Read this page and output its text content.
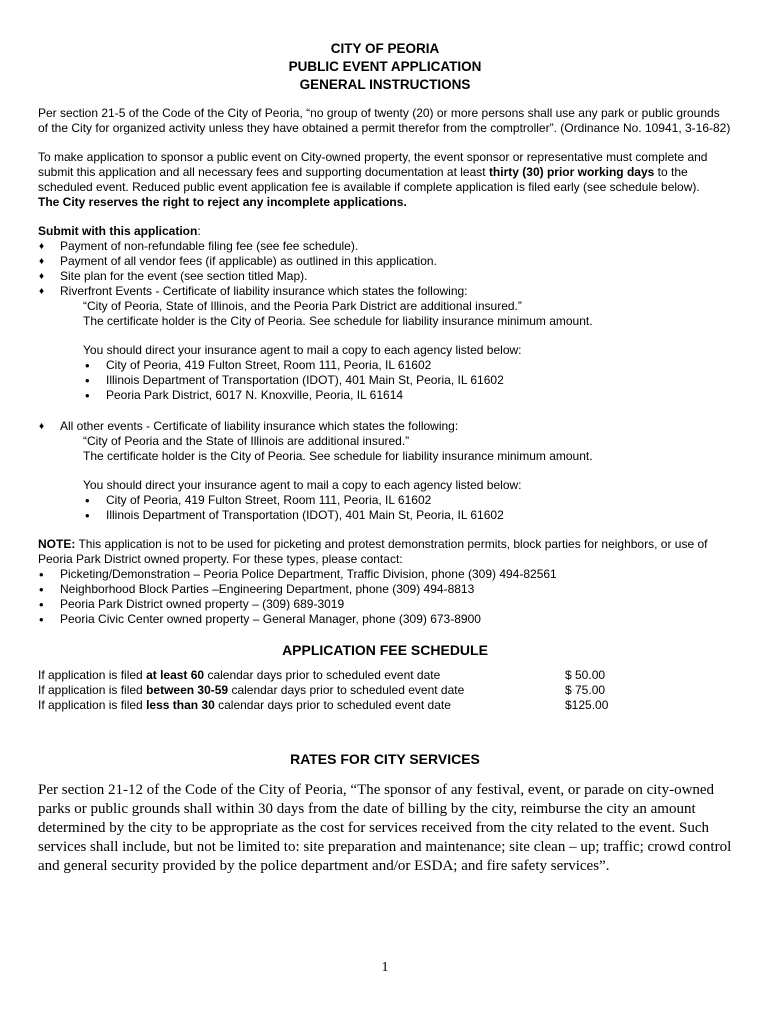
CITY OF PEORIA
PUBLIC EVENT APPLICATION
GENERAL INSTRUCTIONS

Per section 21-5 of the Code of the City of Peoria, “no group of twenty (20) or more persons shall use any park or public grounds of the City for organized activity unless they have obtained a permit therefor from the comptroller”. (Ordinance No. 10941, 3-16-82)

To make application to sponsor a public event on City-owned property, the event sponsor or representative must complete and submit this application and all necessary fees and supporting documentation at least thirty (30) prior working days to the scheduled event. Reduced public event application fee is available if complete application is filed early (see schedule below).

The City reserves the right to reject any incomplete applications.

Submit with this application:

♦ Payment of non-refundable filing fee (see fee schedule).
♦ Payment of all vendor fees (if applicable) as outlined in this application.
♦ Site plan for the event (see section titled Map).
♦ Riverfront Events - Certificate of liability insurance which states the following:

“City of Peoria, State of Illinois, and the Peoria Park District are additional insured.”

The certificate holder is the City of Peoria. See schedule for liability insurance minimum amount.

You should direct your insurance agent to mail a copy to each agency listed below:

• City of Peoria, 419 Fulton Street, Room 111, Peoria, IL 61602
• Illinois Department of Transportation (IDOT), 401 Main St, Peoria, IL 61602
• Peoria Park District, 6017 N. Knoxville, Peoria, IL 61614
♦ All other events - Certificate of liability insurance which states the following:

“City of Peoria and the State of Illinois are additional insured.”

The certificate holder is the City of Peoria. See schedule for liability insurance minimum amount.

You should direct your insurance agent to mail a copy to each agency listed below:

• City of Peoria, 419 Fulton Street, Room 111, Peoria, IL 61602
• Illinois Department of Transportation (IDOT), 401 Main St, Peoria, IL 61602

NOTE: This application is not to be used for picketing and protest demonstration permits, block parties for neighbors, or use of Peoria Park District owned property. For these types, please contact:

• Picketing/Demonstration – Peoria Police Department, Traffic Division, phone (309) 494-82561
• Neighborhood Block Parties –Engineering Department, phone (309) 494-8813
• Peoria Park District owned property – (309) 689-3019
• Peoria Civic Center owned property – General Manager, phone (309) 673-8900
APPLICATION FEE SCHEDULE
If application is filed at least 60 calendar days prior to scheduled event date	$ 50.00
If application is filed between 30-59 calendar days prior to scheduled event date	$ 75.00
If application is filed less than 30 calendar days prior to scheduled event date	$125.00
RATES FOR CITY SERVICES

Per section 21-12 of the Code of the City of Peoria, “The sponsor of any festival, event, or parade on city-owned parks or public grounds shall within 30 days from the date of billing by the city, reimburse the city an amount determined by the city to be appropriate as the cost for services received from the city related to the event. Such services shall include, but not be limited to: site preparation and maintenance; site clean – up; traffic; crowd control and general security provided by the police department and/or ESDA; and fire safety services”.

1
